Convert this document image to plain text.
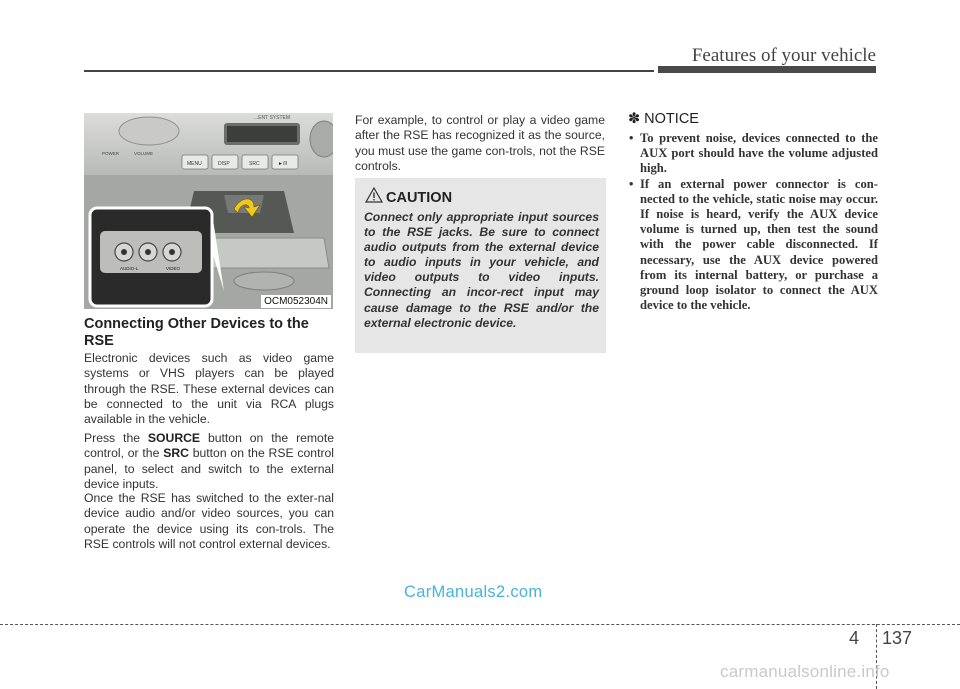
Features of your vehicle
...ENT SYSTEM
MENU	DISP	SRC	►/II
POWER	VOLUME
AUDIO-L	VIDEO
OCM052304N
Connecting Other Devices to the RSE
Electronic devices such as video game systems or VHS players can be played through the RSE. These external devices can be connected to the unit via RCA plugs available in the vehicle.
Press the SOURCE button on the remote control, or the SRC button on the RSE control panel, to select and switch to the external device inputs.
Once the RSE has switched to the exter-nal device audio and/or video sources, you can operate the device using its con-trols. The RSE controls will not control external devices.
For example, to control or play a video game after the RSE has recognized it as the source, you must use the game con-trols, not the RSE controls.
CAUTION
Connect only appropriate input sources to the RSE jacks. Be sure to connect audio outputs from the external device to audio inputs in your vehicle, and video outputs to video inputs. Connecting an incor-rect input may cause damage to the RSE and/or the external electronic device.
✽ NOTICE
• To prevent noise, devices connected to the AUX port should have the volume adjusted high.
• If an external power connector is con-nected to the vehicle, static noise may occur. If noise is heard, verify the AUX device volume is turned up, then test the sound with the power cable disconnected. If necessary, use the AUX device powered from its internal battery, or purchase a ground loop isolator to connect the AUX device to the vehicle.
CarManuals2.com
4 137
carmanualsonline.info
